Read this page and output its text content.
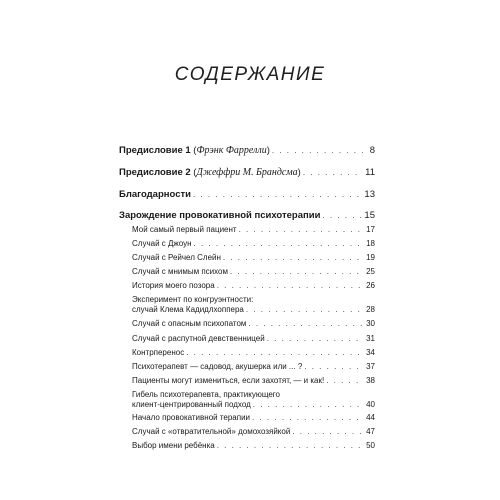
СОДЕРЖАНИЕ
Предисловие 1 (Фрэнк Фаррелли) . . .	8
Предисловие 2 (Джеффри М. Брандсма) . . .	11
Благодарности . . .	13
Зарождение провокативной психотерапии . . .	15
Мой самый первый пациент . . .	17
Случай с Джоун . . .	18
Случай с Рейчел Слейн . . .	19
Случай с мнимым психом . . .	25
История моего позора . . .	26
Эксперимент по конгруэнтности:
случай Клема Кадидлхоппера . . .	28
Случай с опасным психопатом . . .	30
Случай с распутной девственницей . . .	31
Контрперенос . . .	34
Психотерапевт — садовод, акушерка или ... ? . . .	37
Пациенты могут измениться, если захотят, — и как! . . .	38
Гибель психотерапевта, практикующего
клиент-центрированный подход . . .	40
Начало провокативной терапии . . .	44
Случай с «отвратительной» домохозяйкой . . .	47
Выбор имени ребёнка . . .	50
